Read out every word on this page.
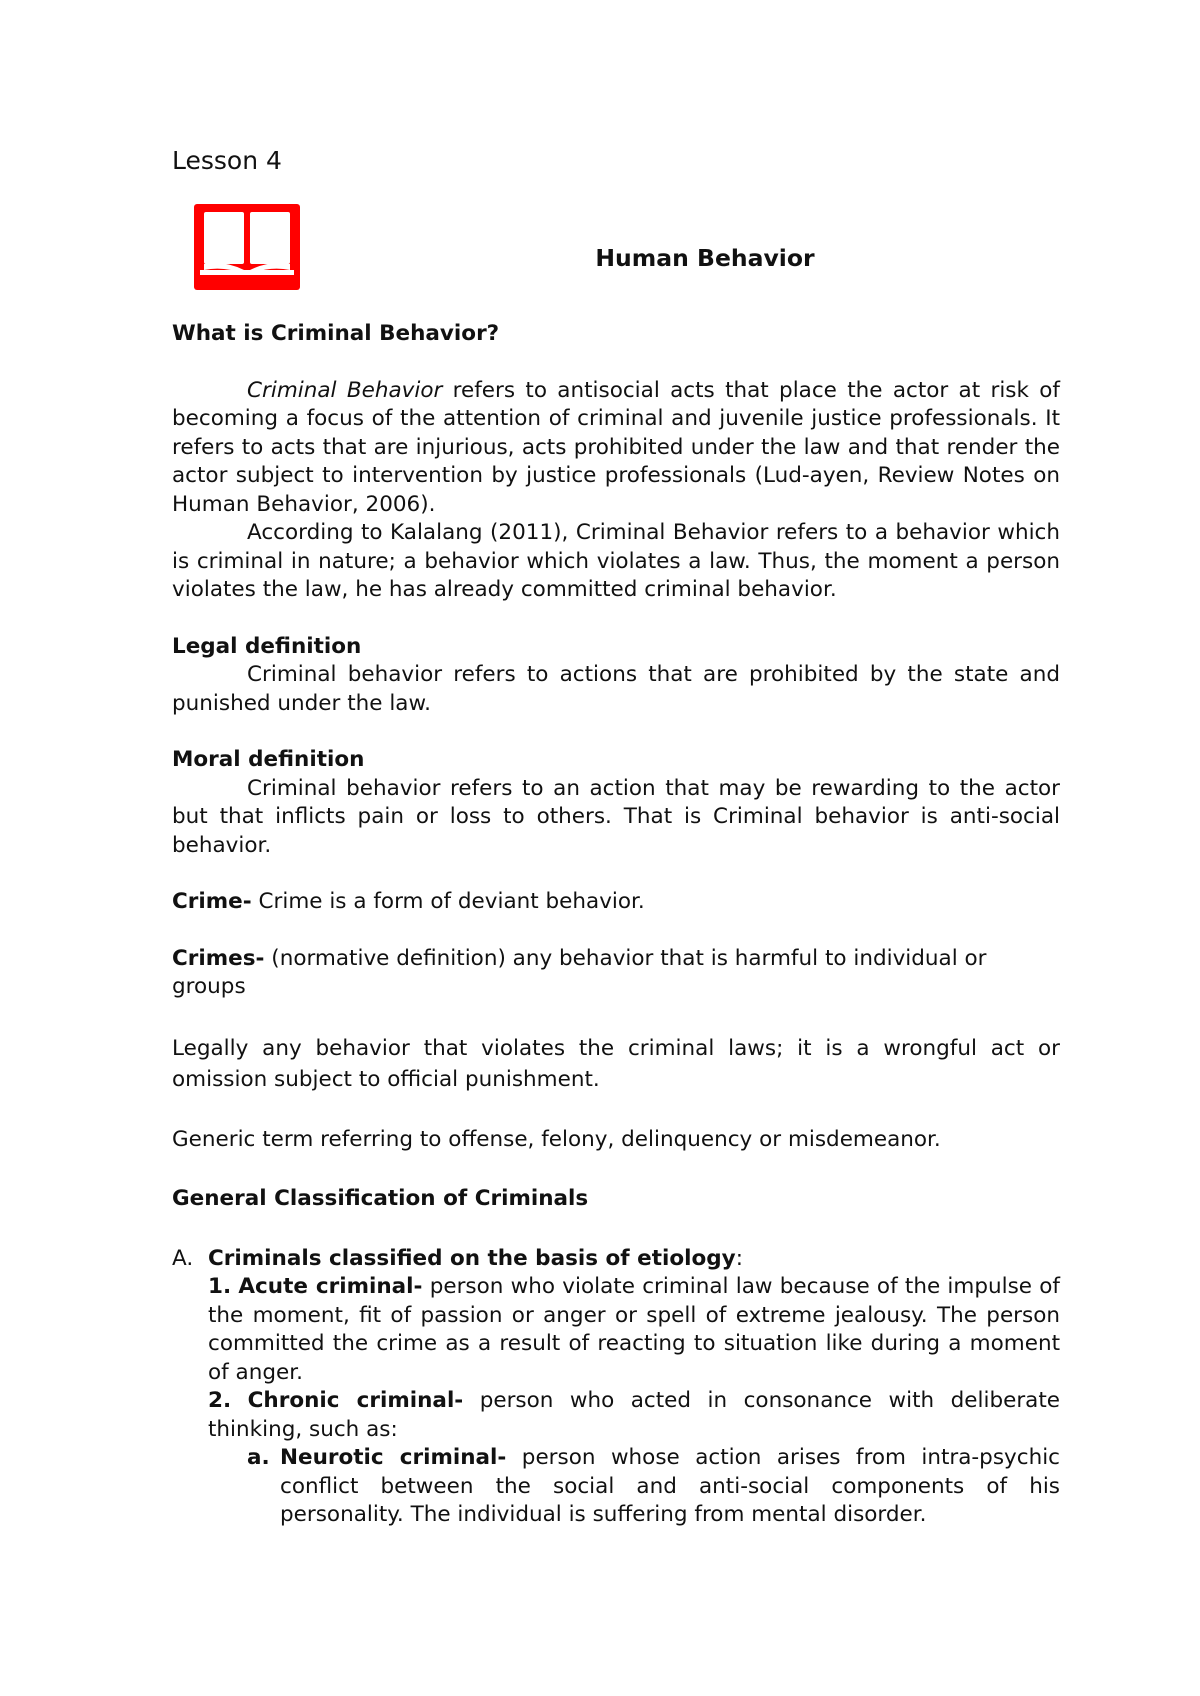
Lesson 4

Human Behavior

What is Criminal Behavior?

Criminal Behavior refers to antisocial acts that place the actor at risk of becoming a focus of the attention of criminal and juvenile justice professionals. It refers to acts that are injurious, acts prohibited under the law and that render the actor subject to intervention by justice professionals (Lud-ayen, Review Notes on Human Behavior, 2006).

According to Kalalang (2011), Criminal Behavior refers to a behavior which is criminal in nature; a behavior which violates a law. Thus, the moment a person violates the law, he has already committed criminal behavior.

Legal definition

Criminal behavior refers to actions that are prohibited by the state and punished under the law.

Moral definition

Criminal behavior refers to an action that may be rewarding to the actor but that inflicts pain or loss to others. That is Criminal behavior is anti-social behavior.

Crime- Crime is a form of deviant behavior.

Crimes- (normative definition) any behavior that is harmful to individual or groups

Legally any behavior that violates the criminal laws; it is a wrongful act or omission subject to official punishment.

Generic term referring to offense, felony, delinquency or misdemeanor.

General Classification of Criminals

A. Criminals classified on the basis of etiology:

1. Acute criminal- person who violate criminal law because of the impulse of the moment, fit of passion or anger or spell of extreme jealousy. The person committed the crime as a result of reacting to situation like during a moment of anger.

2. Chronic criminal- person who acted in consonance with deliberate thinking, such as:

a. Neurotic criminal- person whose action arises from intra-psychic conflict between the social and anti-social components of his personality. The individual is suffering from mental disorder.
